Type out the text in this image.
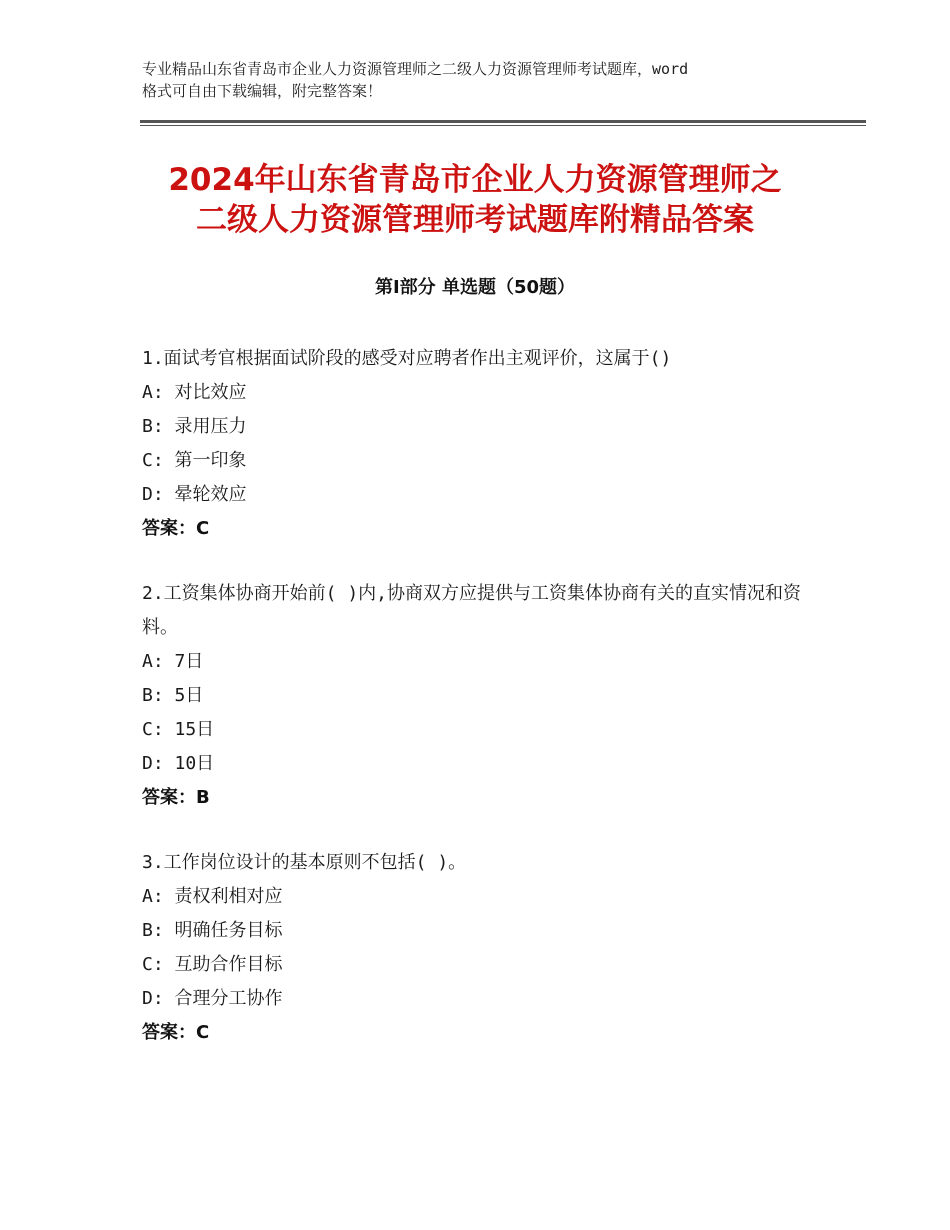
专业精品山东省青岛市企业人力资源管理师之二级人力资源管理师考试题库，word
格式可自由下载编辑，附完整答案！
2024年山东省青岛市企业人力资源管理师之
二级人力资源管理师考试题库附精品答案
第Ⅰ部分 单选题（50题）
1.面试考官根据面试阶段的感受对应聘者作出主观评价，这属于()
A: 对比效应
B: 录用压力
C: 第一印象
D: 晕轮效应
答案：C
2.工资集体协商开始前( )内,协商双方应提供与工资集体协商有关的直实情况和资料。
A: 7日
B: 5日
C: 15日
D: 10日
答案：B
3.工作岗位设计的基本原则不包括( )。
A: 责权利相对应
B: 明确任务目标
C: 互助合作目标
D: 合理分工协作
答案：C
